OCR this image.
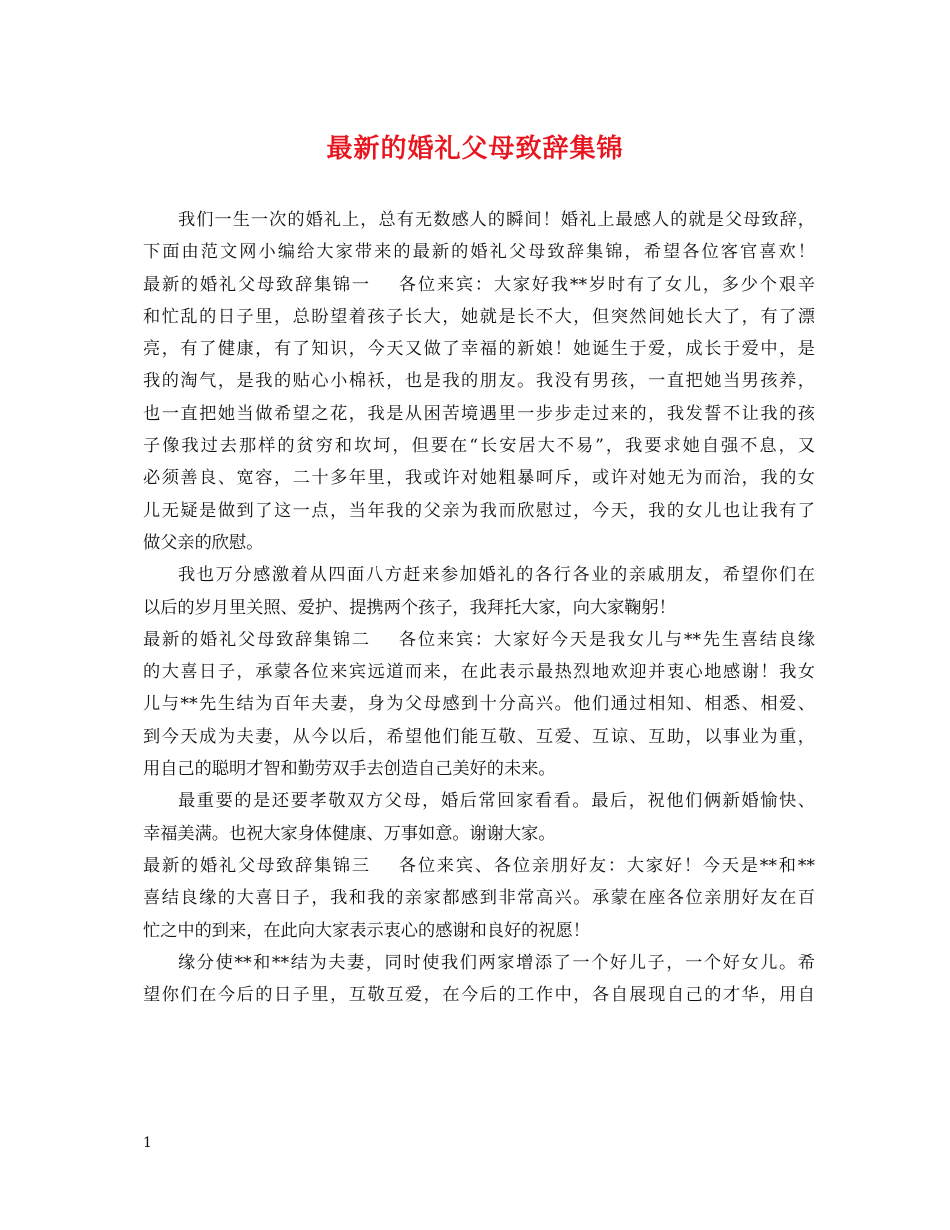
最新的婚礼父母致辞集锦
我们一生一次的婚礼上，总有无数感人的瞬间！婚礼上最感人的就是父母致辞，
下面由范文网小编给大家带来的最新的婚礼父母致辞集锦，希望各位客官喜欢！
最新的婚礼父母致辞集锦一 各位来宾：大家好我**岁时有了女儿，多少个艰辛
和忙乱的日子里，总盼望着孩子长大，她就是长不大，但突然间她长大了，有了漂
亮，有了健康，有了知识，今天又做了幸福的新娘！她诞生于爱，成长于爱中，是
我的淘气，是我的贴心小棉袄，也是我的朋友。我没有男孩，一直把她当男孩养，
也一直把她当做希望之花，我是从困苦境遇里一步步走过来的，我发誓不让我的孩
子像我过去那样的贫穷和坎坷，但要在“长安居大不易”，我要求她自强不息，又
必须善良、宽容，二十多年里，我或许对她粗暴呵斥，或许对她无为而治，我的女
儿无疑是做到了这一点，当年我的父亲为我而欣慰过，今天，我的女儿也让我有了
做父亲的欣慰。
我也万分感激着从四面八方赶来参加婚礼的各行各业的亲戚朋友，希望你们在
以后的岁月里关照、爱护、提携两个孩子，我拜托大家，向大家鞠躬！
最新的婚礼父母致辞集锦二 各位来宾：大家好今天是我女儿与**先生喜结良缘
的大喜日子，承蒙各位来宾远道而来，在此表示最热烈地欢迎并衷心地感谢！我女
儿与**先生结为百年夫妻，身为父母感到十分高兴。他们通过相知、相悉、相爱、
到今天成为夫妻，从今以后，希望他们能互敬、互爱、互谅、互助，以事业为重，
用自己的聪明才智和勤劳双手去创造自己美好的未来。
最重要的是还要孝敬双方父母，婚后常回家看看。最后，祝他们俩新婚愉快、
幸福美满。也祝大家身体健康、万事如意。谢谢大家。
最新的婚礼父母致辞集锦三 各位来宾、各位亲朋好友：大家好！今天是**和**
喜结良缘的大喜日子，我和我的亲家都感到非常高兴。承蒙在座各位亲朋好友在百
忙之中的到来，在此向大家表示衷心的感谢和良好的祝愿！
缘分使**和**结为夫妻，同时使我们两家增添了一个好儿子，一个好女儿。希
望你们在今后的日子里，互敬互爱，在今后的工作中，各自展现自己的才华，用自
1
